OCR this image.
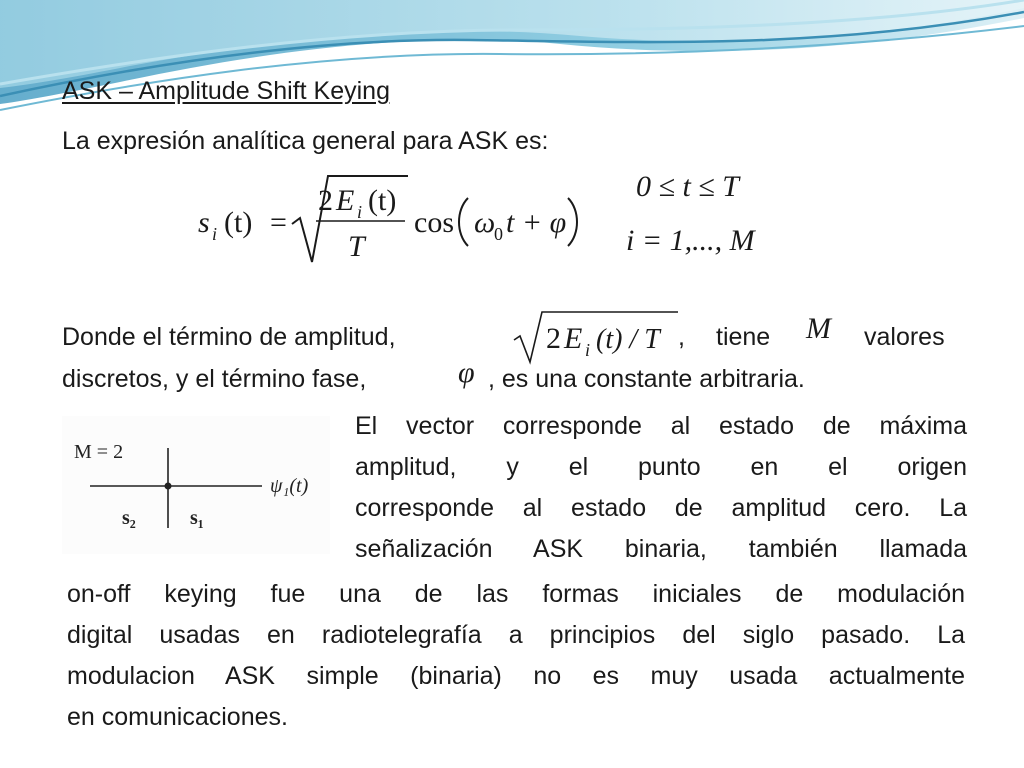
ASK – Amplitude Shift Keying
La expresión analítica general para ASK es:
s i (t) =
2 E i (t)
T
cos ω
0 t + φ
0 ≤ t ≤ T
i = 1,..., M
Donde el término de amplitud,	2 E i (t) / T , tiene M valores
discretos, y el término fase,	φ , es una constante arbitraria.
M = 2
ψ₁(t)
s₂	s₁
El vector corresponde al estado de máxima
amplitud, y el punto en el origen
corresponde al estado de amplitud cero. La
señalización ASK binaria, también llamada
on-off keying fue una de las formas iniciales de modulación
digital usadas en radiotelegrafía a principios del siglo pasado. La
modulacion ASK simple (binaria) no es muy usada actualmente
en comunicaciones.
